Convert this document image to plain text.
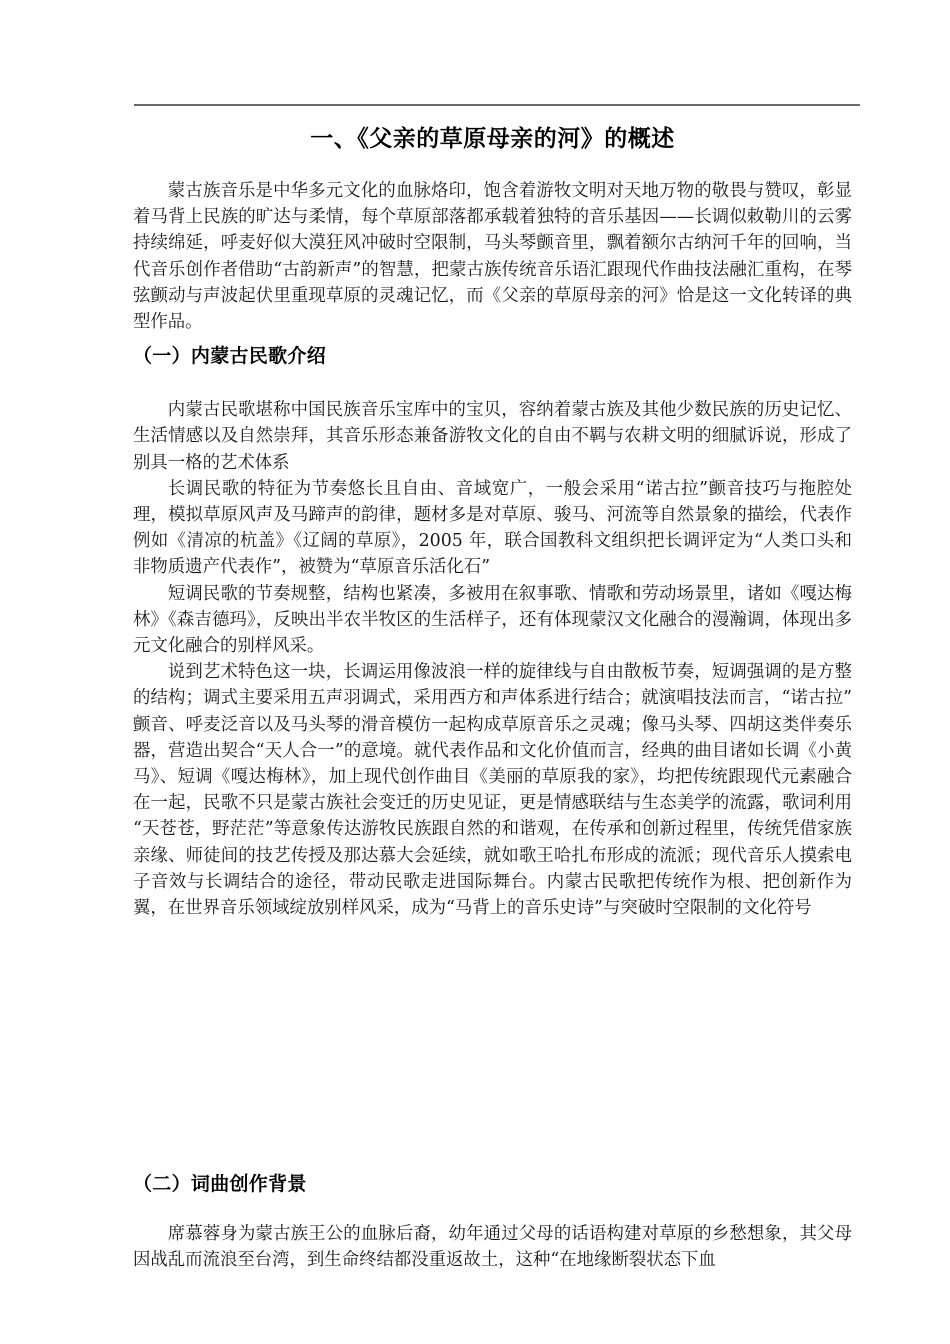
一、《父亲的草原母亲的河》的概述

蒙古族音乐是中华多元文化的血脉烙印，饱含着游牧文明对天地万物的敬畏与赞叹，彰显着马背上民族的旷达与柔情，每个草原部落都承载着独特的音乐基因——长调似敕勒川的云雾持续绵延，呼麦好似大漠狂风冲破时空限制，马头琴颤音里，飘着额尔古纳河千年的回响，当代音乐创作者借助“古韵新声”的智慧，把蒙古族传统音乐语汇跟现代作曲技法融汇重构，在琴弦颤动与声波起伏里重现草原的灵魂记忆，而《父亲的草原母亲的河》恰是这一文化转译的典型作品。

（一）内蒙古民歌介绍

内蒙古民歌堪称中国民族音乐宝库中的宝贝，容纳着蒙古族及其他少数民族的历史记忆、生活情感以及自然崇拜，其音乐形态兼备游牧文化的自由不羁与农耕文明的细腻诉说，形成了别具一格的艺术体系

长调民歌的特征为节奏悠长且自由、音域宽广，一般会采用“诺古拉”颤音技巧与拖腔处理，模拟草原风声及马蹄声的韵律，题材多是对草原、骏马、河流等自然景象的描绘，代表作例如《清凉的杭盖》《辽阔的草原》，2005 年，联合国教科文组织把长调评定为“人类口头和非物质遗产代表作”，被赞为“草原音乐活化石”

短调民歌的节奏规整，结构也紧凑，多被用在叙事歌、情歌和劳动场景里，诸如《嘎达梅林》《森吉德玛》，反映出半农半牧区的生活样子，还有体现蒙汉文化融合的漫瀚调，体现出多元文化融合的别样风采。

说到艺术特色这一块，长调运用像波浪一样的旋律线与自由散板节奏，短调强调的是方整的结构；调式主要采用五声羽调式，采用西方和声体系进行结合；就演唱技法而言，“诺古拉”颤音、呼麦泛音以及马头琴的滑音模仿一起构成草原音乐之灵魂；像马头琴、四胡这类伴奏乐器，营造出契合“天人合一”的意境。就代表作品和文化价值而言，经典的曲目诸如长调《小黄马》、短调《嘎达梅林》，加上现代创作曲目《美丽的草原我的家》，均把传统跟现代元素融合在一起，民歌不只是蒙古族社会变迁的历史见证，更是情感联结与生态美学的流露，歌词利用“天苍苍，野茫茫”等意象传达游牧民族跟自然的和谐观，在传承和创新过程里，传统凭借家族亲缘、师徒间的技艺传授及那达慕大会延续，就如歌王哈扎布形成的流派；现代音乐人摸索电子音效与长调结合的途径，带动民歌走进国际舞台。内蒙古民歌把传统作为根、把创新作为翼，在世界音乐领域绽放别样风采，成为“马背上的音乐史诗”与突破时空限制的文化符号

（二）词曲创作背景

席慕蓉身为蒙古族王公的血脉后裔，幼年通过父母的话语构建对草原的乡愁想象，其父母因战乱而流浪至台湾，到生命终结都没重返故土，这种“在地缘断裂状态下血
